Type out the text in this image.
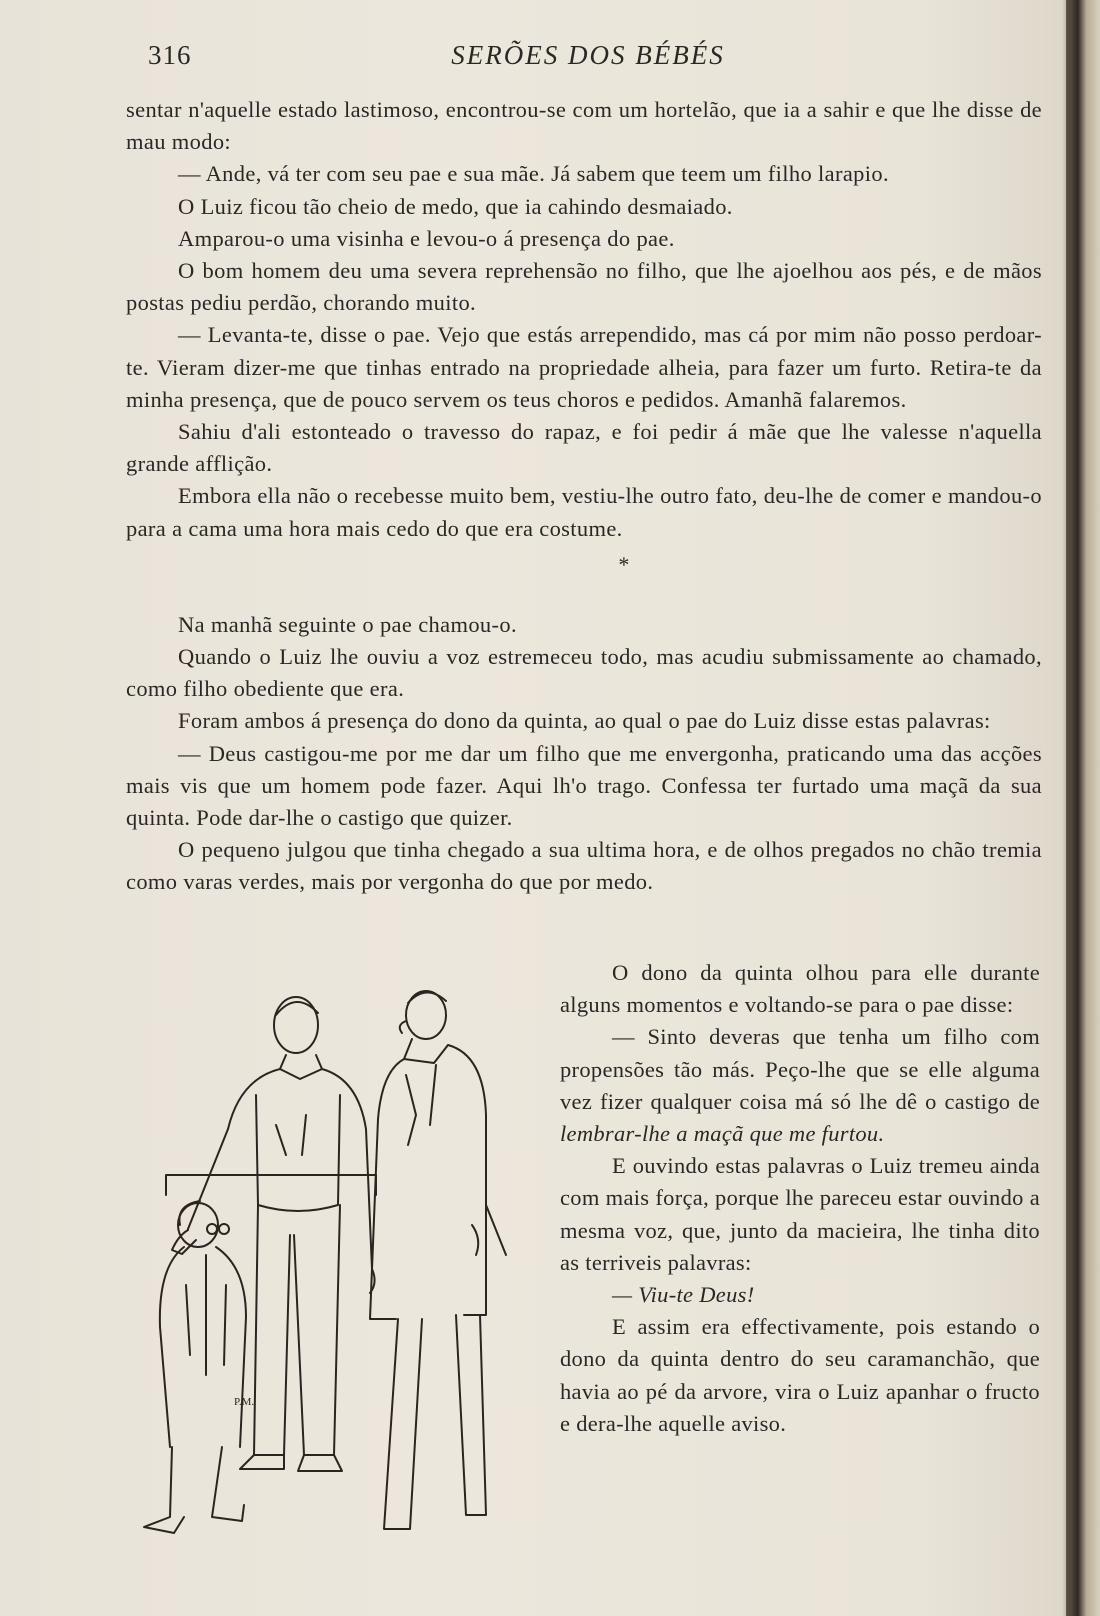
316	SERÕES DOS BÉBÉS

sentar n'aquelle estado lastimoso, encontrou-se com um hortelão, que ia a sahir e que lhe disse de mau modo:

— Ande, vá ter com seu pae e sua mãe. Já sabem que teem um filho larapio.

O Luiz ficou tão cheio de medo, que ia cahindo desmaiado.

Amparou-o uma visinha e levou-o á presença do pae.

O bom homem deu uma severa reprehensão no filho, que lhe ajoelhou aos pés, e de mãos postas pediu perdão, chorando muito.

— Levanta-te, disse o pae. Vejo que estás arrependido, mas cá por mim não posso perdoar-te. Vieram dizer-me que tinhas entrado na propriedade alheia, para fazer um furto. Retira-te da minha presença, que de pouco servem os teus choros e pedidos. Amanhã falaremos.

Sahiu d'ali estonteado o travesso do rapaz, e foi pedir á mãe que lhe valesse n'aquella grande afflição.

Embora ella não o recebesse muito bem, vestiu-lhe outro fato, deu-lhe de comer e mandou-o para a cama uma hora mais cedo do que era costume.

*

Na manhã seguinte o pae chamou-o.

Quando o Luiz lhe ouviu a voz estremeceu todo, mas acudiu submissamente ao chamado, como filho obediente que era.

Foram ambos á presença do dono da quinta, ao qual o pae do Luiz disse estas palavras:

— Deus castigou-me por me dar um filho que me envergonha, praticando uma das acções mais vis que um homem pode fazer. Aqui lh'o trago. Confessa ter furtado uma maçã da sua quinta. Pode dar-lhe o castigo que quizer.

O pequeno julgou que tinha chegado a sua ultima hora, e de olhos pregados no chão tremia como varas verdes, mais por vergonha do que por medo.

O dono da quinta olhou para elle durante alguns momentos e voltando-se para o pae disse:

— Sinto deveras que tenha um filho com propensões tão más. Peço-lhe que se elle alguma vez fizer qualquer coisa má só lhe dê o castigo de lembrar-lhe a maçã que me furtou.

E ouvindo estas palavras o Luiz tremeu ainda com mais força, porque lhe pareceu estar ouvindo a mesma voz, que, junto da macieira, lhe tinha dito as terriveis palavras:

— Viu-te Deus!

E assim era effectivamente, pois estando o dono da quinta dentro do seu caramanchão, que havia ao pé da arvore, vira o Luiz apanhar o fructo e dera-lhe aquelle aviso.

P.M.
